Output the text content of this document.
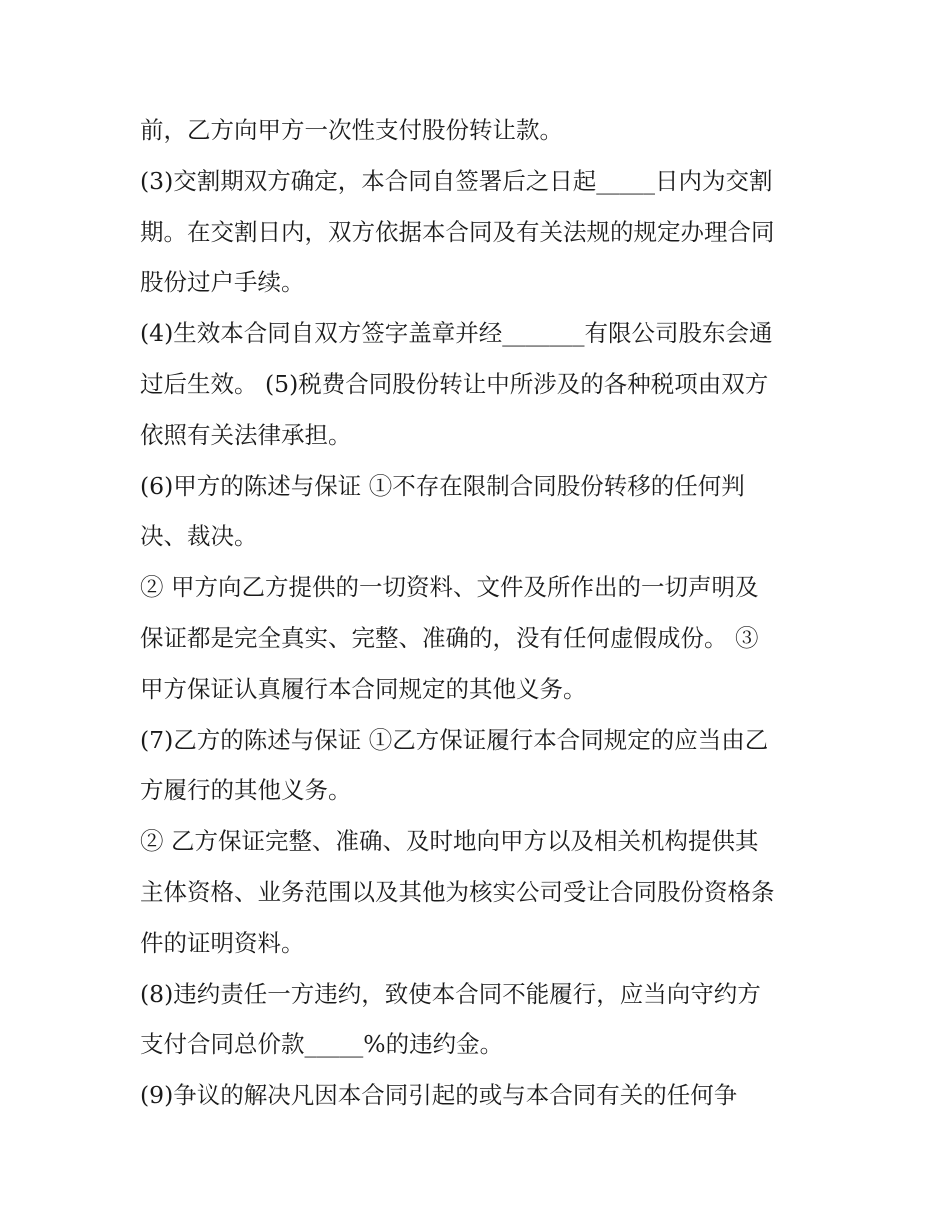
前，乙方向甲方一次性支付股份转让款。
(3)交割期双方确定，本合同自签署后之日起_____日内为交割
期。在交割日内，双方依据本合同及有关法规的规定办理合同
股份过户手续。
(4)生效本合同自双方签字盖章并经_______有限公司股东会通
过后生效。 (5)税费合同股份转让中所涉及的各种税项由双方
依照有关法律承担。
(6)甲方的陈述与保证 ①不存在限制合同股份转移的任何判
决、裁决。
② 甲方向乙方提供的一切资料、文件及所作出的一切声明及
保证都是完全真实、完整、准确的，没有任何虚假成份。 ③
甲方保证认真履行本合同规定的其他义务。
(7)乙方的陈述与保证 ①乙方保证履行本合同规定的应当由乙
方履行的其他义务。
② 乙方保证完整、准确、及时地向甲方以及相关机构提供其
主体资格、业务范围以及其他为核实公司受让合同股份资格条
件的证明资料。
(8)违约责任一方违约，致使本合同不能履行，应当向守约方
支付合同总价款_____%的违约金。
(9)争议的解决凡因本合同引起的或与本合同有关的任何争
